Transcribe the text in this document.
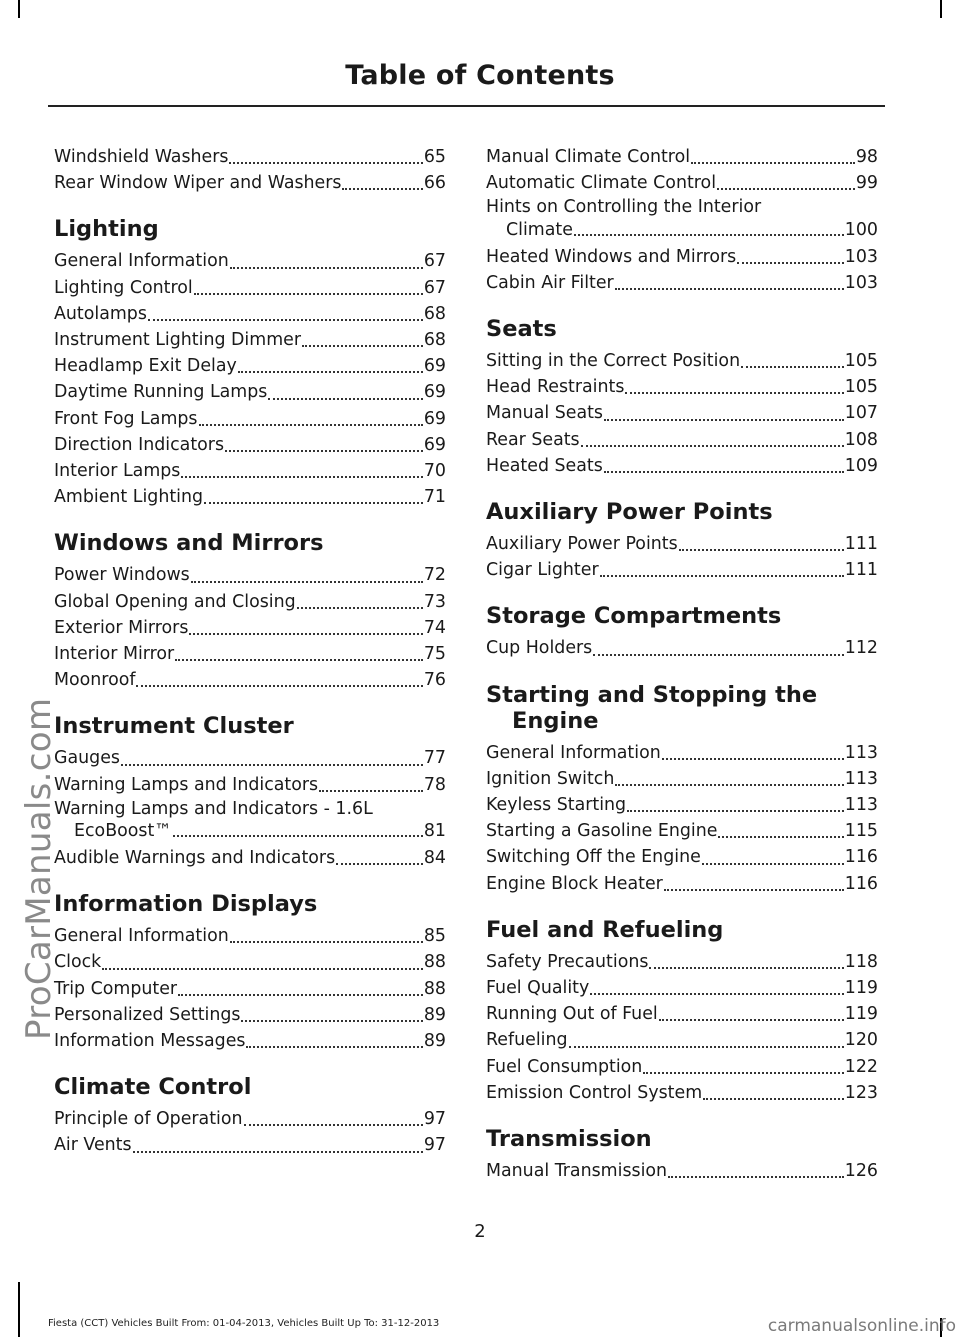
Table of Contents
Windshield Washers	65
Rear Window Wiper and Washers	66
Lighting
General Information	67
Lighting Control	67
Autolamps	68
Instrument Lighting Dimmer	68
Headlamp Exit Delay	69
Daytime Running Lamps	69
Front Fog Lamps	69
Direction Indicators	69
Interior Lamps	70
Ambient Lighting	71
Windows and Mirrors
Power Windows	72
Global Opening and Closing	73
Exterior Mirrors	74
Interior Mirror	75
Moonroof	76
Instrument Cluster
Gauges	77
Warning Lamps and Indicators	78
Warning Lamps and Indicators - 1.6L
EcoBoost™	81
Audible Warnings and Indicators	84
Information Displays
General Information	85
Clock	88
Trip Computer	88
Personalized Settings	89
Information Messages	89
Climate Control
Principle of Operation	97
Air Vents	97
Manual Climate Control	98
Automatic Climate Control	99
Hints on Controlling the Interior
Climate	100
Heated Windows and Mirrors	103
Cabin Air Filter	103
Seats
Sitting in the Correct Position	105
Head Restraints	105
Manual Seats	107
Rear Seats	108
Heated Seats	109
Auxiliary Power Points
Auxiliary Power Points	111
Cigar Lighter	111
Storage Compartments
Cup Holders	112
Starting and Stopping the
Engine
General Information	113
Ignition Switch	113
Keyless Starting	113
Starting a Gasoline Engine	115
Switching Off the Engine	116
Engine Block Heater	116
Fuel and Refueling
Safety Precautions	118
Fuel Quality	119
Running Out of Fuel	119
Refueling	120
Fuel Consumption	122
Emission Control System	123
Transmission
Manual Transmission	126
2
Fiesta (CCT) Vehicles Built From: 01-04-2013, Vehicles Built Up To: 31-12-2013
ProCarManuals.com
carmanualsonline.info
